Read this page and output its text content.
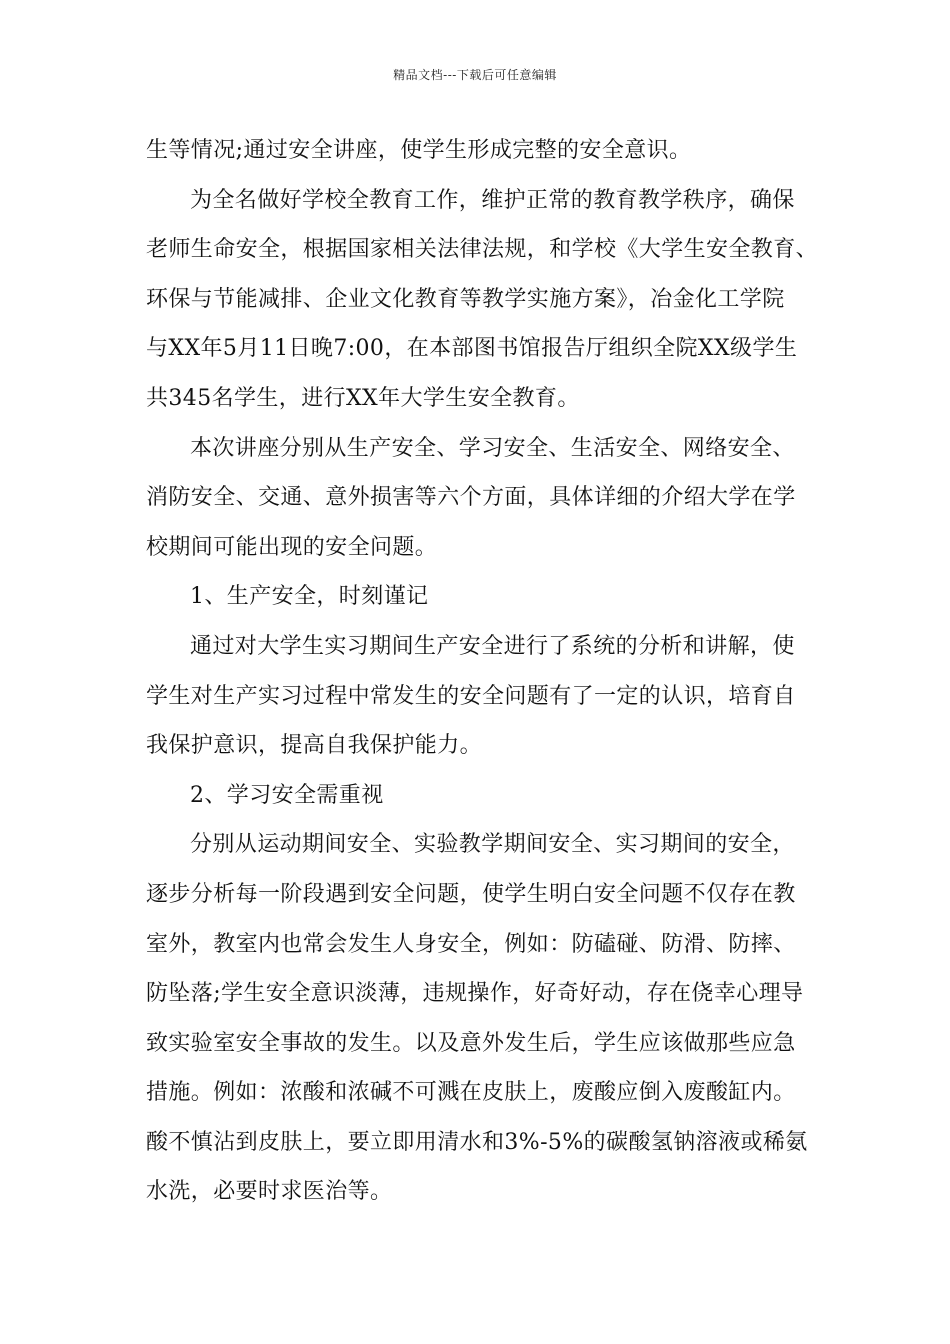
精品文档---下载后可任意编辑
生等情况;通过安全讲座，使学生形成完整的安全意识。
为全名做好学校全教育工作，维护正常的教育教学秩序，确保
老师生命安全，根据国家相关法律法规，和学校《大学生安全教育、
环保与节能减排、企业文化教育等教学实施方案》，冶金化工学院
与XX年5月11日晚7:00，在本部图书馆报告厅组织全院XX级学生
共345名学生，进行XX年大学生安全教育。
本次讲座分别从生产安全、学习安全、生活安全、网络安全、
消防安全、交通、意外损害等六个方面，具体详细的介绍大学在学
校期间可能出现的安全问题。
1、生产安全，时刻谨记
通过对大学生实习期间生产安全进行了系统的分析和讲解，使
学生对生产实习过程中常发生的安全问题有了一定的认识，培育自
我保护意识，提高自我保护能力。
2、学习安全需重视
分别从运动期间安全、实验教学期间安全、实习期间的安全，
逐步分析每一阶段遇到安全问题，使学生明白安全问题不仅存在教
室外，教室内也常会发生人身安全，例如：防磕碰、防滑、防摔、
防坠落;学生安全意识淡薄，违规操作，好奇好动，存在侥幸心理导
致实验室安全事故的发生。以及意外发生后，学生应该做那些应急
措施。例如：浓酸和浓碱不可溅在皮肤上，废酸应倒入废酸缸内。
酸不慎沾到皮肤上，要立即用清水和3%-5%的碳酸氢钠溶液或稀氨
水洗，必要时求医治等。
